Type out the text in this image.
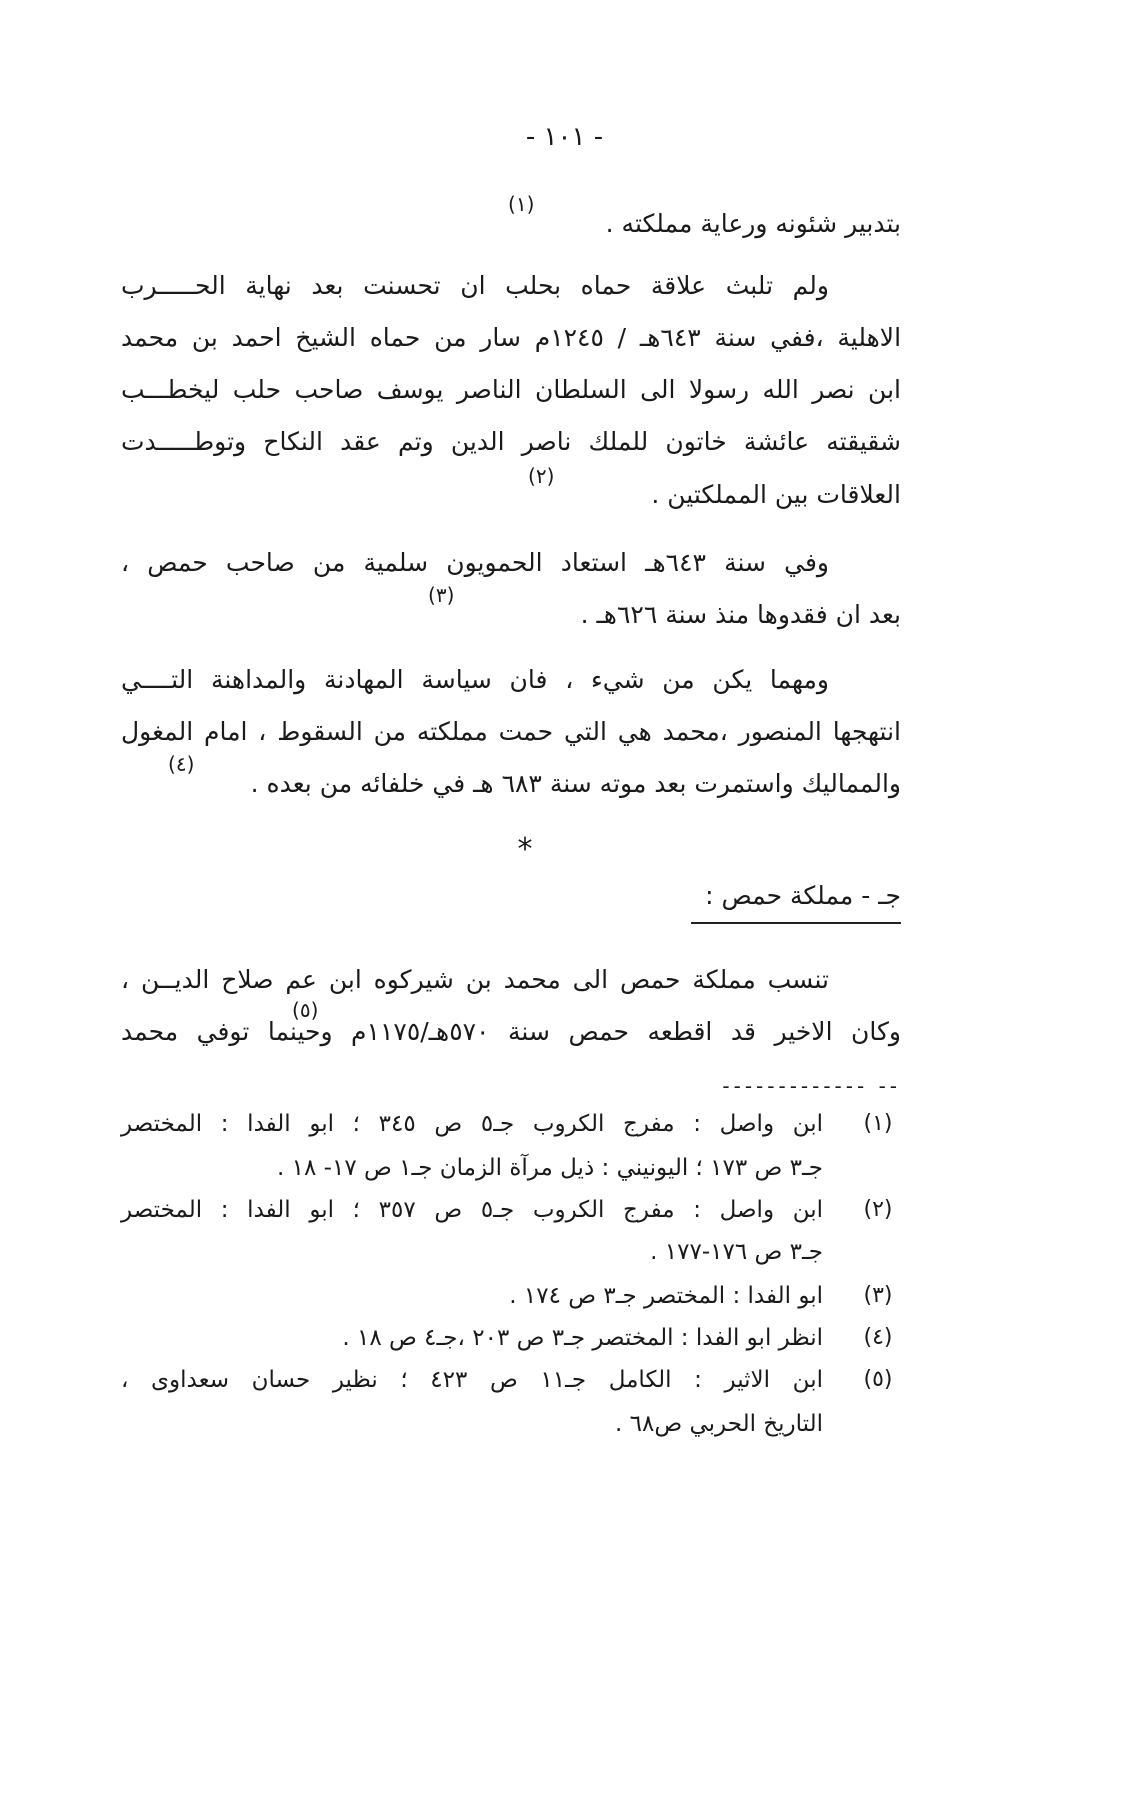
- ١٠١ -
بتدبير شئونه ورعاية مملكته .
(١)
ولم تلبث علاقة حماه بحلب ان تحسنت بعد نهاية الحـــــرب
الاهلية ،ففي سنة ٦٤٣هـ / ١٢٤٥م سار من حماه الشيخ احمد بن محمد
ابن نصر الله رسولا الى السلطان الناصر يوسف صاحب حلب ليخطـــب
شقيقته عائشة خاتون للملك ناصر الدين وتم عقد النكاح وتوطـــــدت
العلاقات بين المملكتين .
(٢)
وفي سنة ٦٤٣هـ استعاد الحمويون سلمية من صاحب حمص ،
بعد ان فقدوها منذ سنة ٦٢٦هـ .
(٣)
ومهما يكن من شيء ، فان سياسة المهادنة والمداهنة التــــي
انتهجها المنصور ،محمد هي التي حمت مملكته من السقوط ، امام المغول
والمماليك واستمرت بعد موته سنة ٦٨٣ هـ في خلفائه من بعده .
(٤)
*
جـ - مملكة حمص :
تنسب مملكة حمص الى محمد بن شيركوه ابن عم صلاح الديــن ،
وكان الاخير قد اقطعه حمص سنة ٥٧٠هـ/١١٧٥م وحينما توفي محمد
(٥)
------------- --
(١)
ابن واصل : مفرج الكروب جـ٥ ص ٣٤٥ ؛ ابو الفدا : المختصر
جـ٣ ص ١٧٣ ؛ اليونيني : ذيل مرآة الزمان جـ١ ص ١٧- ١٨ .
(٢)
ابن واصل : مفرج الكروب جـ٥ ص ٣٥٧ ؛ ابو الفدا : المختصر
جـ٣ ص ١٧٦-١٧٧ .
(٣)
ابو الفدا : المختصر جـ٣ ص ١٧٤ .
(٤)
انظر ابو الفدا : المختصر جـ٣ ص ٢٠٣ ،جـ٤ ص ١٨ .
(٥)
ابن الاثير : الكامل جـ١١ ص ٤٢٣ ؛ نظير حسان سعداوى ،
التاريخ الحربي ص٦٨ .
